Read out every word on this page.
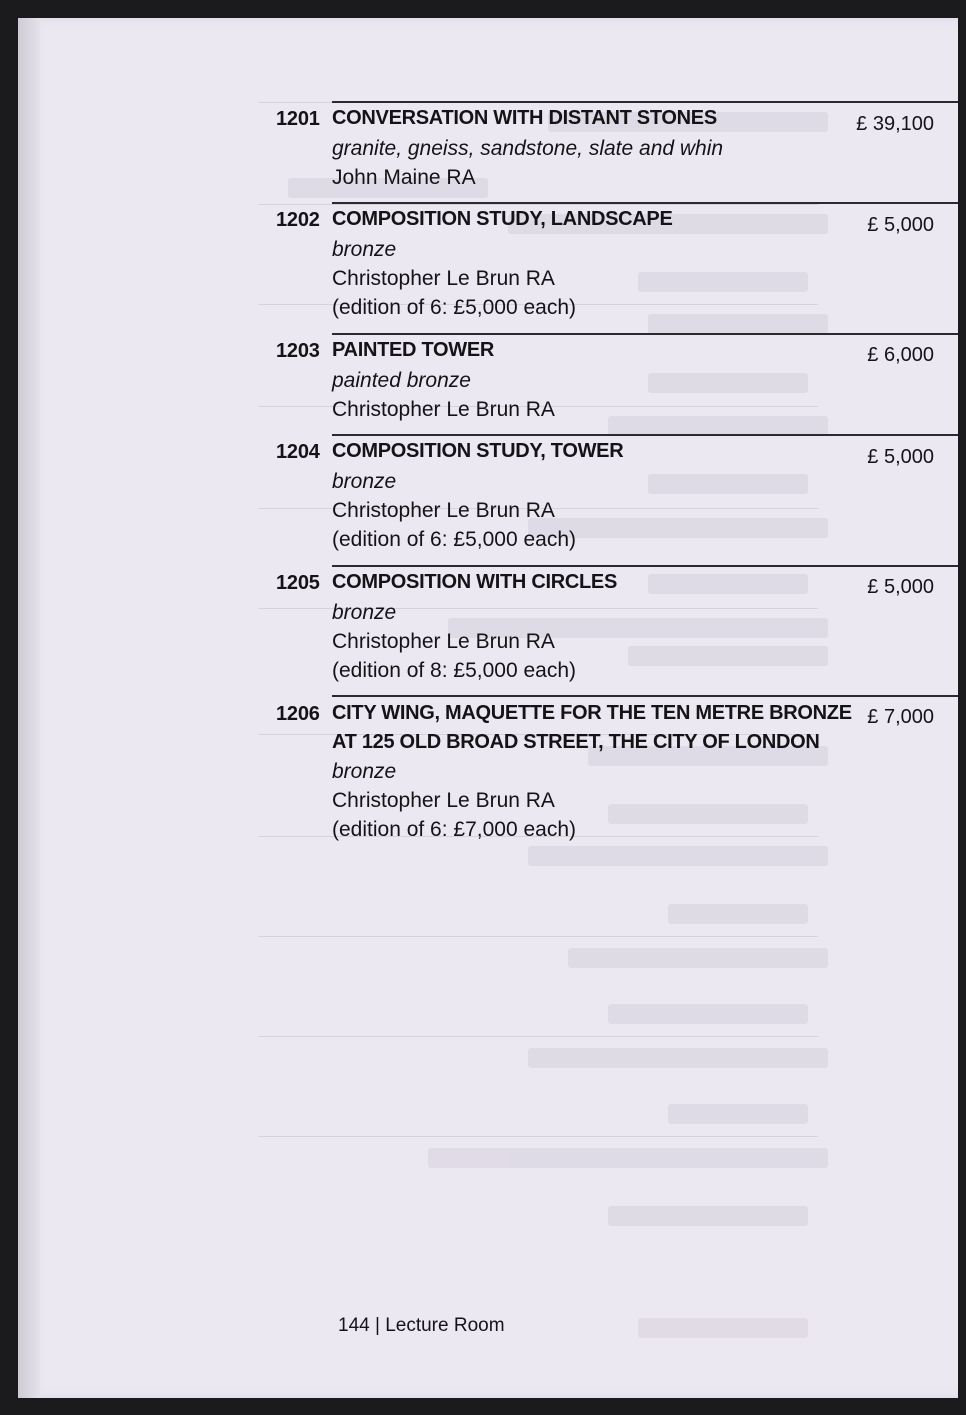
1201 CONVERSATION WITH DISTANT STONES
granite, gneiss, sandstone, slate and whin
John Maine RA
£ 39,100
1202 COMPOSITION STUDY, LANDSCAPE
bronze
Christopher Le Brun RA
(edition of 6: £5,000 each)
£ 5,000
1203 PAINTED TOWER
painted bronze
Christopher Le Brun RA
£ 6,000
1204 COMPOSITION STUDY, TOWER
bronze
Christopher Le Brun RA
(edition of 6: £5,000 each)
£ 5,000
1205 COMPOSITION WITH CIRCLES
bronze
Christopher Le Brun RA
(edition of 8: £5,000 each)
£ 5,000
1206 CITY WING, MAQUETTE FOR THE TEN METRE BRONZE
AT 125 OLD BROAD STREET, THE CITY OF LONDON
bronze
Christopher Le Brun RA
(edition of 6: £7,000 each)
£ 7,000
144 | Lecture Room
